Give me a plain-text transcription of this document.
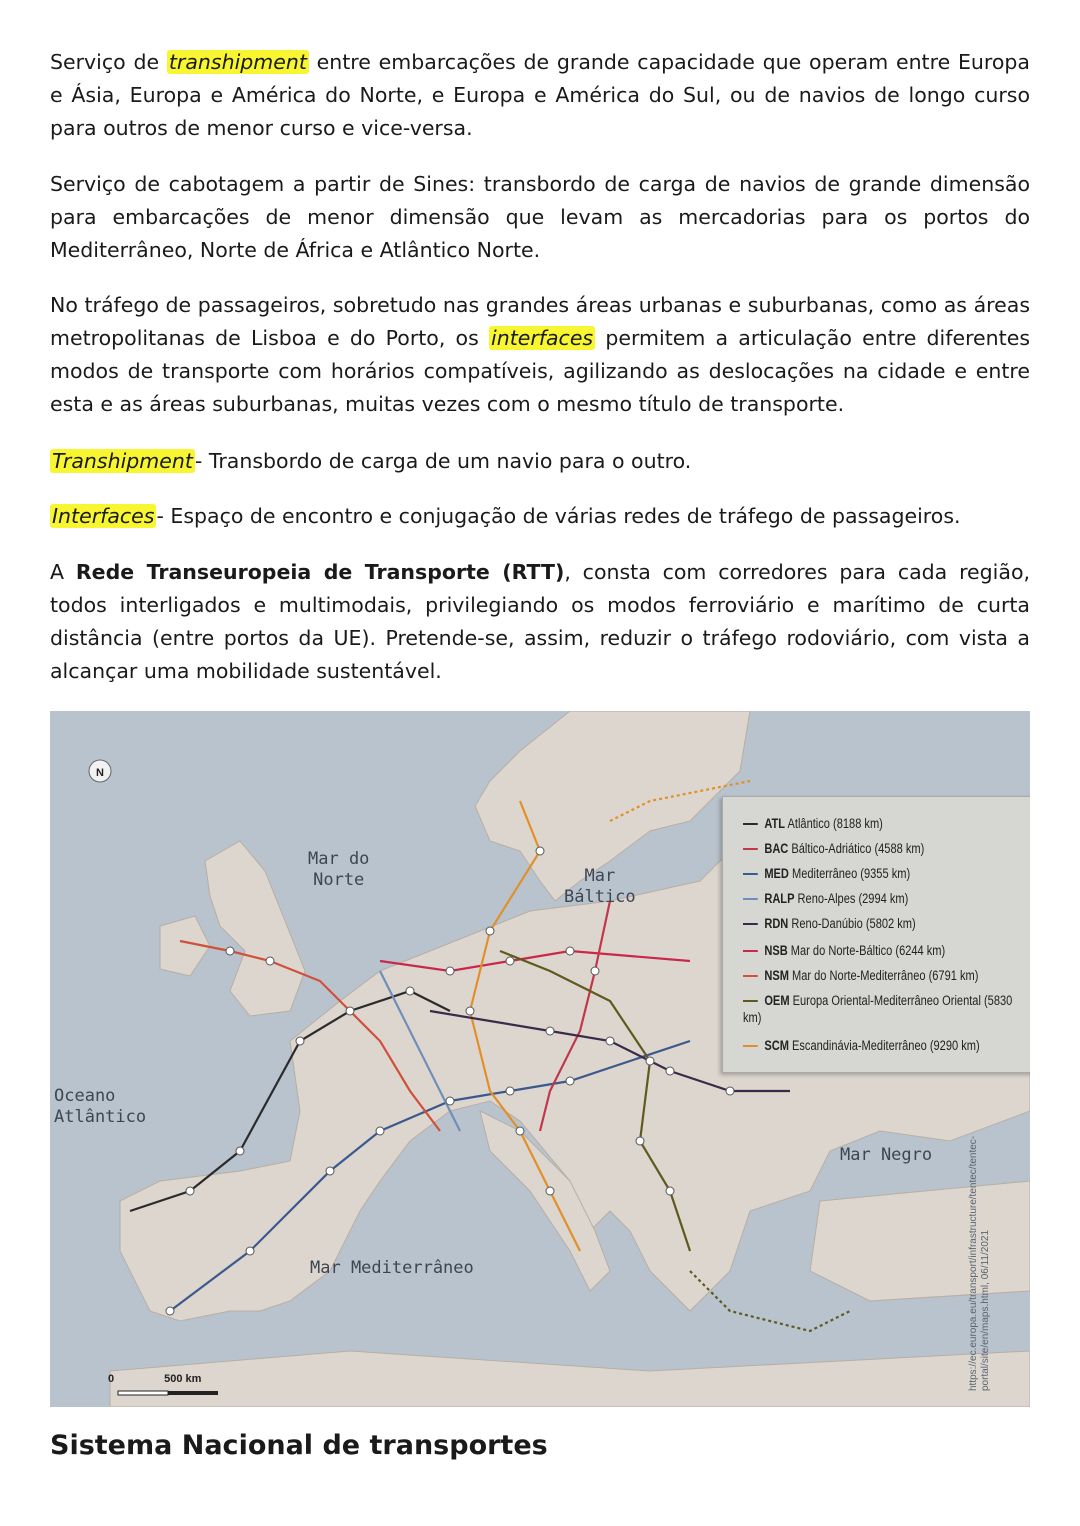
Serviço de transhipment entre embarcações de grande capacidade que operam entre Europa e Ásia, Europa e América do Norte, e Europa e América do Sul, ou de navios de longo curso para outros de menor curso e vice-versa.

Serviço de cabotagem a partir de Sines: transbordo de carga de navios de grande dimensão para embarcações de menor dimensão que levam as mercadorias para os portos do Mediterrâneo, Norte de África e Atlântico Norte.

No tráfego de passageiros, sobretudo nas grandes áreas urbanas e suburbanas, como as áreas metropolitanas de Lisboa e do Porto, os interfaces permitem a articulação entre diferentes modos de transporte com horários compatíveis, agilizando as deslocações na cidade e entre esta e as áreas suburbanas, muitas vezes com o mesmo título de transporte.

Transhipment- Transbordo de carga de um navio para o outro.

Interfaces- Espaço de encontro e conjugação de várias redes de tráfego de passageiros.

A Rede Transeuropeia de Transporte (RTT), consta com corredores para cada região, todos interligados e multimodais, privilegiando os modos ferroviário e marítimo de curta distância (entre portos da UE). Pretende-se, assim, reduzir o tráfego rodoviário, com vista a alcançar uma mobilidade sustentável.

N
Mar do
Norte	Mar
Báltico
Oceano
Atlântico
Mar Negro
Mar Mediterrâneo
0	500 km
ATL Atlântico (8188 km)
BAC Báltico-Adriático (4588 km)
MED Mediterrâneo (9355 km)
RALP Reno-Alpes (2994 km)
RDN Reno-Danúbio (5802 km)
NSB Mar do Norte-Báltico (6244 km)
NSM Mar do Norte-Mediterrâneo (6791 km)
OEM Europa Oriental-Mediterrâneo Oriental (5830 km)
SCM Escandinávia-Mediterrâneo (9290 km)
https://ec.europa.eu/transport/infrastructure/tentec/tentec-portal/site/en/maps.html, 06/11/2021
Sistema Nacional de transportes
